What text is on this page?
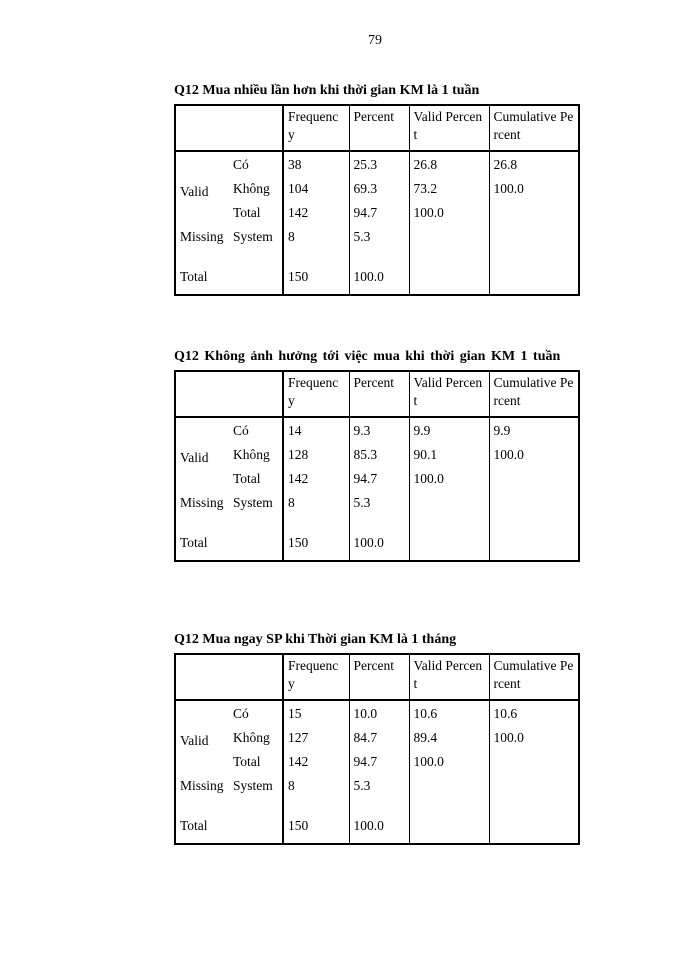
79
Q12 Mua nhiều lần hơn khi thời gian KM là 1 tuần
		Frequency	Percent	Valid Percent	Cumulative Percent
Valid	Có	38	25.3	26.8	26.8
	Không	104	69.3	73.2	100.0
	Total	142	94.7	100.0	
Missing	System	8	5.3		
Total		150	100.0		
Q12 Không ảnh hưởng tới việc mua khi thời gian KM 1 tuần
		Frequency	Percent	Valid Percent	Cumulative Percent
Valid	Có	14	9.3	9.9	9.9
	Không	128	85.3	90.1	100.0
	Total	142	94.7	100.0	
Missing	System	8	5.3		
Total		150	100.0		
Q12 Mua ngay SP khi Thời gian KM là 1 tháng
		Frequency	Percent	Valid Percent	Cumulative Percent
Valid	Có	15	10.0	10.6	10.6
	Không	127	84.7	89.4	100.0
	Total	142	94.7	100.0	
Missing	System	8	5.3		
Total		150	100.0		
